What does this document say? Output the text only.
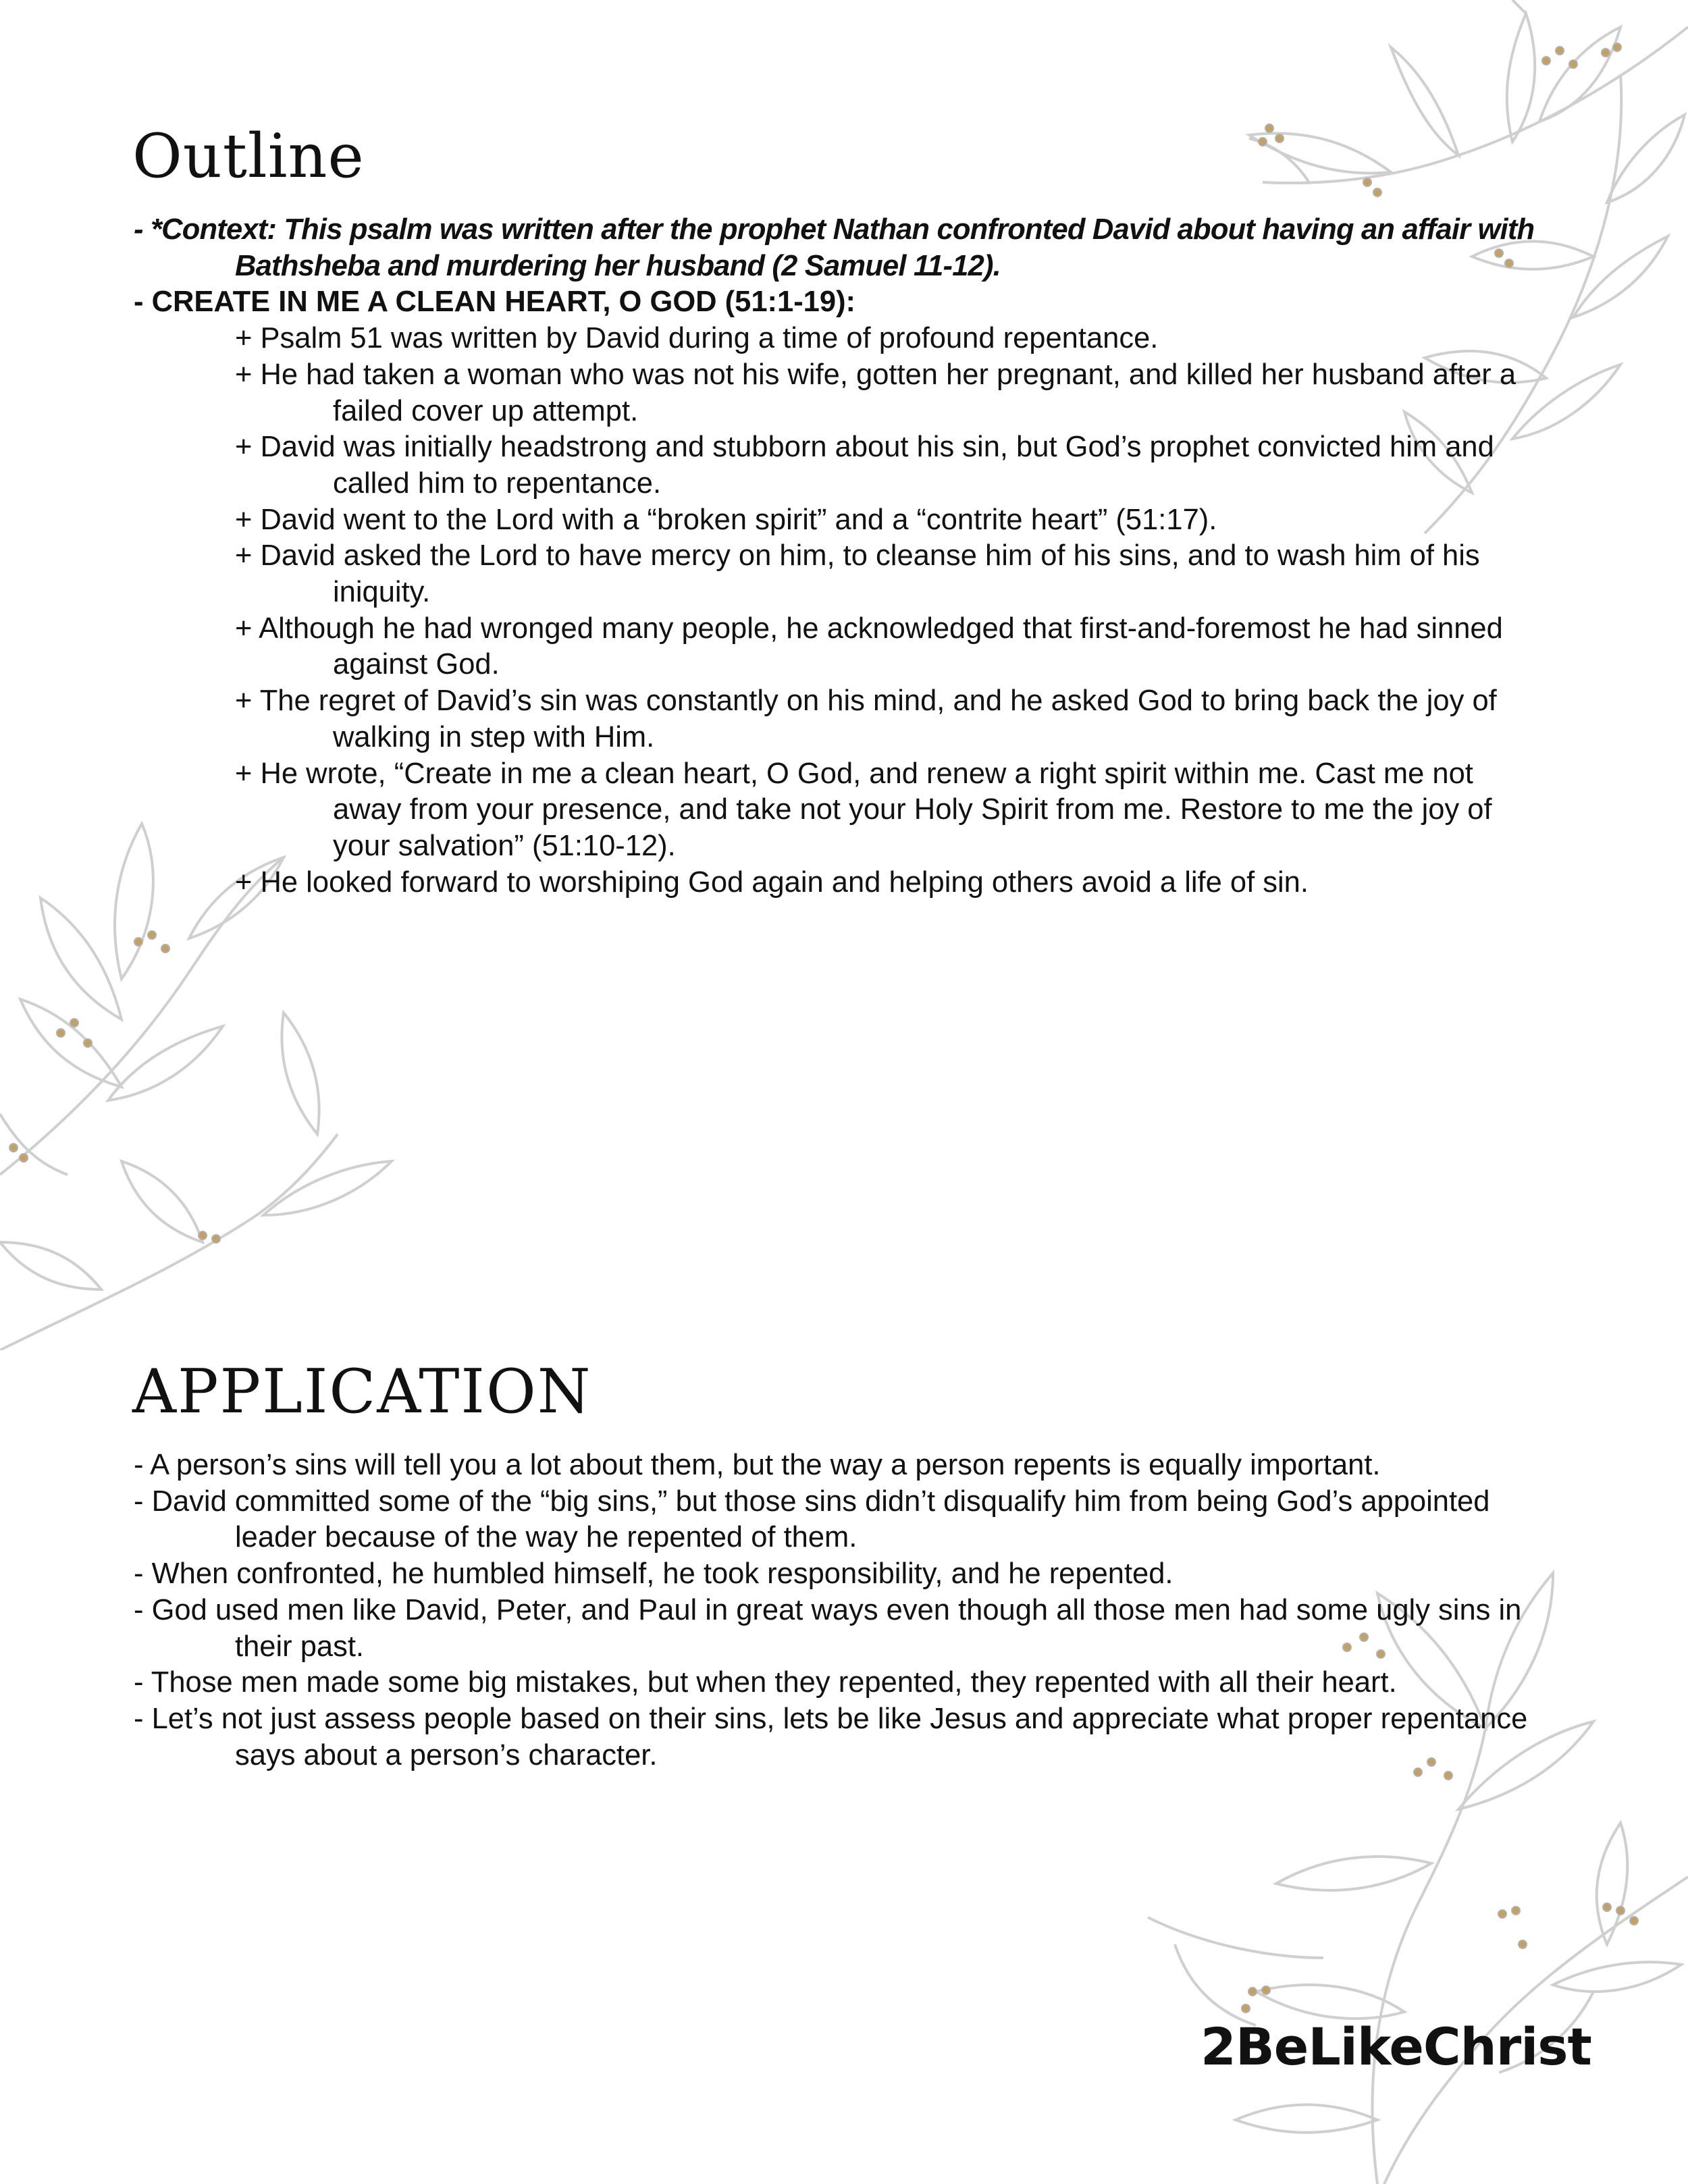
Outline
- *Context: This psalm was written after the prophet Nathan confronted David about having an affair with
Bathsheba and murdering her husband (2 Samuel 11-12).
- CREATE IN ME A CLEAN HEART, O GOD (51:1-19):
+ Psalm 51 was written by David during a time of profound repentance.
+ He had taken a woman who was not his wife, gotten her pregnant, and killed her husband after a
failed cover up attempt.
+ David was initially headstrong and stubborn about his sin, but God’s prophet convicted him and
called him to repentance.
+ David went to the Lord with a “broken spirit” and a “contrite heart” (51:17).
+ David asked the Lord to have mercy on him, to cleanse him of his sins, and to wash him of his
iniquity.
+ Although he had wronged many people, he acknowledged that first-and-foremost he had sinned
against God.
+ The regret of David’s sin was constantly on his mind, and he asked God to bring back the joy of
walking in step with Him.
+ He wrote, “Create in me a clean heart, O God, and renew a right spirit within me. Cast me not
away from your presence, and take not your Holy Spirit from me. Restore to me the joy of
your salvation” (51:10-12).
+ He looked forward to worshiping God again and helping others avoid a life of sin.
APPLICATION
- A person’s sins will tell you a lot about them, but the way a person repents is equally important.
- David committed some of the “big sins,” but those sins didn’t disqualify him from being God’s appointed
leader because of the way he repented of them.
- When confronted, he humbled himself, he took responsibility, and he repented.
- God used men like David, Peter, and Paul in great ways even though all those men had some ugly sins in
their past.
- Those men made some big mistakes, but when they repented, they repented with all their heart.
- Let’s not just assess people based on their sins, lets be like Jesus and appreciate what proper repentance
says about a person’s character.
2BeLikeChrist
